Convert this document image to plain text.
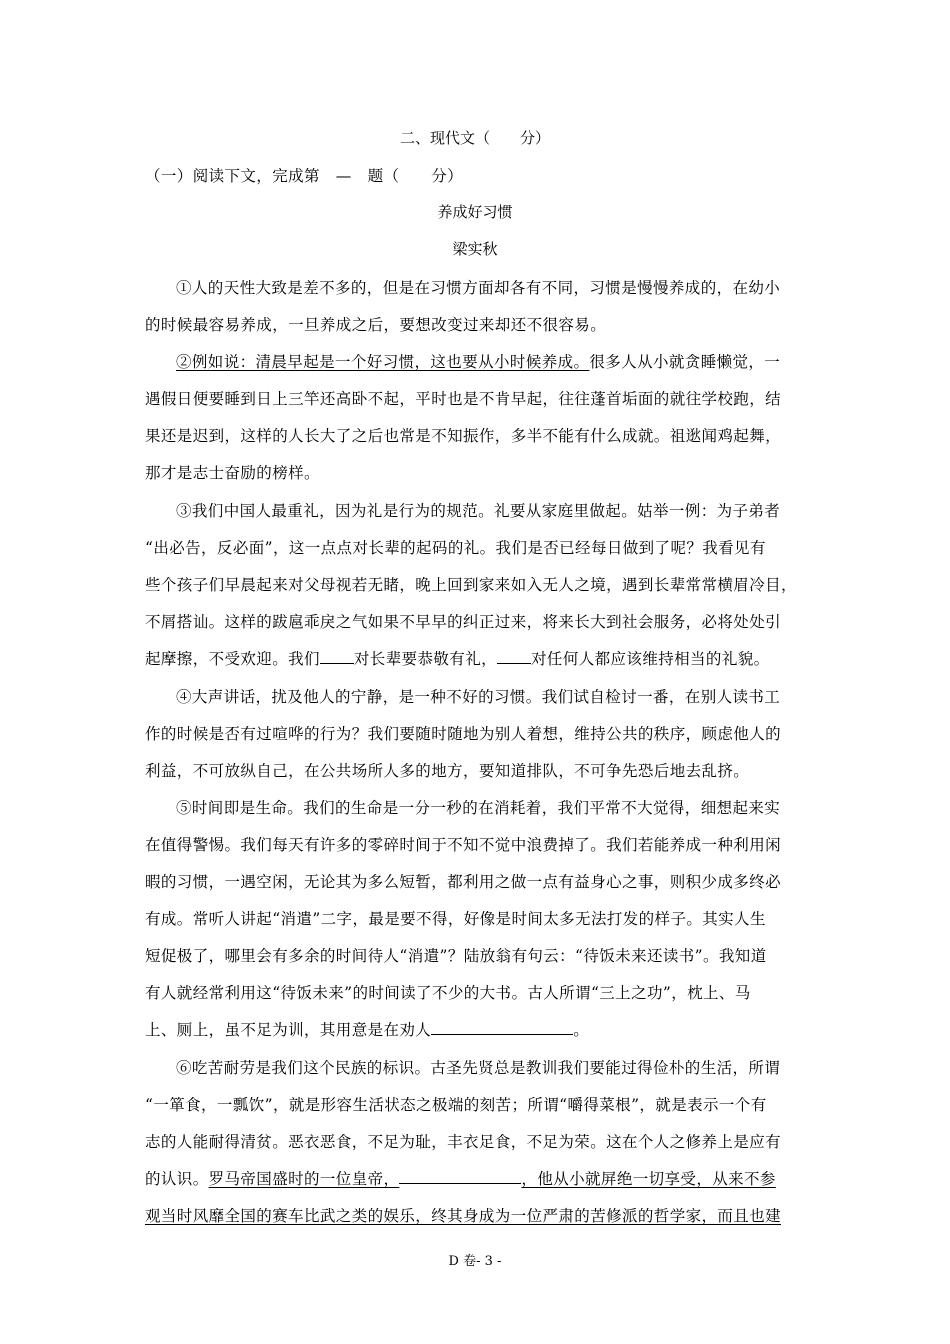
二、现代文（　　分）
（一）阅读下文，完成第　—　题（　　分）
养成好习惯
梁实秋
①人的天性大致是差不多的，但是在习惯方面却各有不同，习惯是慢慢养成的，在幼小
的时候最容易养成，一旦养成之后，要想改变过来却还不很容易。
②例如说：清晨早起是一个好习惯，这也要从小时候养成。很多人从小就贪睡懒觉，一
遇假日便要睡到日上三竿还高卧不起，平时也是不肯早起，往往蓬首垢面的就往学校跑，结
果还是迟到，这样的人长大了之后也常是不知振作，多半不能有什么成就。祖逖闻鸡起舞，
那才是志士奋励的榜样。
③我们中国人最重礼，因为礼是行为的规范。礼要从家庭里做起。姑举一例：为子弟者
“出必告，反必面”，这一点点对长辈的起码的礼。我们是否已经每日做到了呢？我看见有
些个孩子们早晨起来对父母视若无睹，晚上回到家来如入无人之境，遇到长辈常常横眉冷目，
不屑搭讪。这样的跋扈乖戾之气如果不早早的纠正过来，将来长大到社会服务，必将处处引
起摩擦，不受欢迎。我们 对长辈要恭敬有礼， 对任何人都应该维持相当的礼貌。
④大声讲话，扰及他人的宁静，是一种不好的习惯。我们试自检讨一番，在别人读书工
作的时候是否有过喧哗的行为？我们要随时随地为别人着想，维持公共的秩序，顾虑他人的
利益，不可放纵自己，在公共场所人多的地方，要知道排队，不可争先恐后地去乱挤。
⑤时间即是生命。我们的生命是一分一秒的在消耗着，我们平常不大觉得，细想起来实
在值得警惕。我们每天有许多的零碎时间于不知不觉中浪费掉了。我们若能养成一种利用闲
暇的习惯，一遇空闲，无论其为多么短暂，都利用之做一点有益身心之事，则积少成多终必
有成。常听人讲起“消遣”二字，最是要不得，好像是时间太多无法打发的样子。其实人生
短促极了，哪里会有多余的时间待人“消遣”？陆放翁有句云：“待饭未来还读书”。我知道
有人就经常利用这“待饭未来”的时间读了不少的大书。古人所谓“三上之功”，枕上、马
上、厕上，虽不足为训，其用意是在劝人	。
⑥吃苦耐劳是我们这个民族的标识。古圣先贤总是教训我们要能过得俭朴的生活，所谓
“一箪食，一瓢饮”，就是形容生活状态之极端的刻苦；所谓“嚼得菜根”，就是表示一个有
志的人能耐得清贫。恶衣恶食，不足为耻，丰衣足食，不足为荣。这在个人之修养上是应有
的认识。罗马帝国盛时的一位皇帝，	，他从小就屏绝一切享受，从来不参
观当时风靡全国的赛车比武之类的娱乐，终其身成为一位严肃的苦修派的哲学家，而且也建
D 卷- 3 -
